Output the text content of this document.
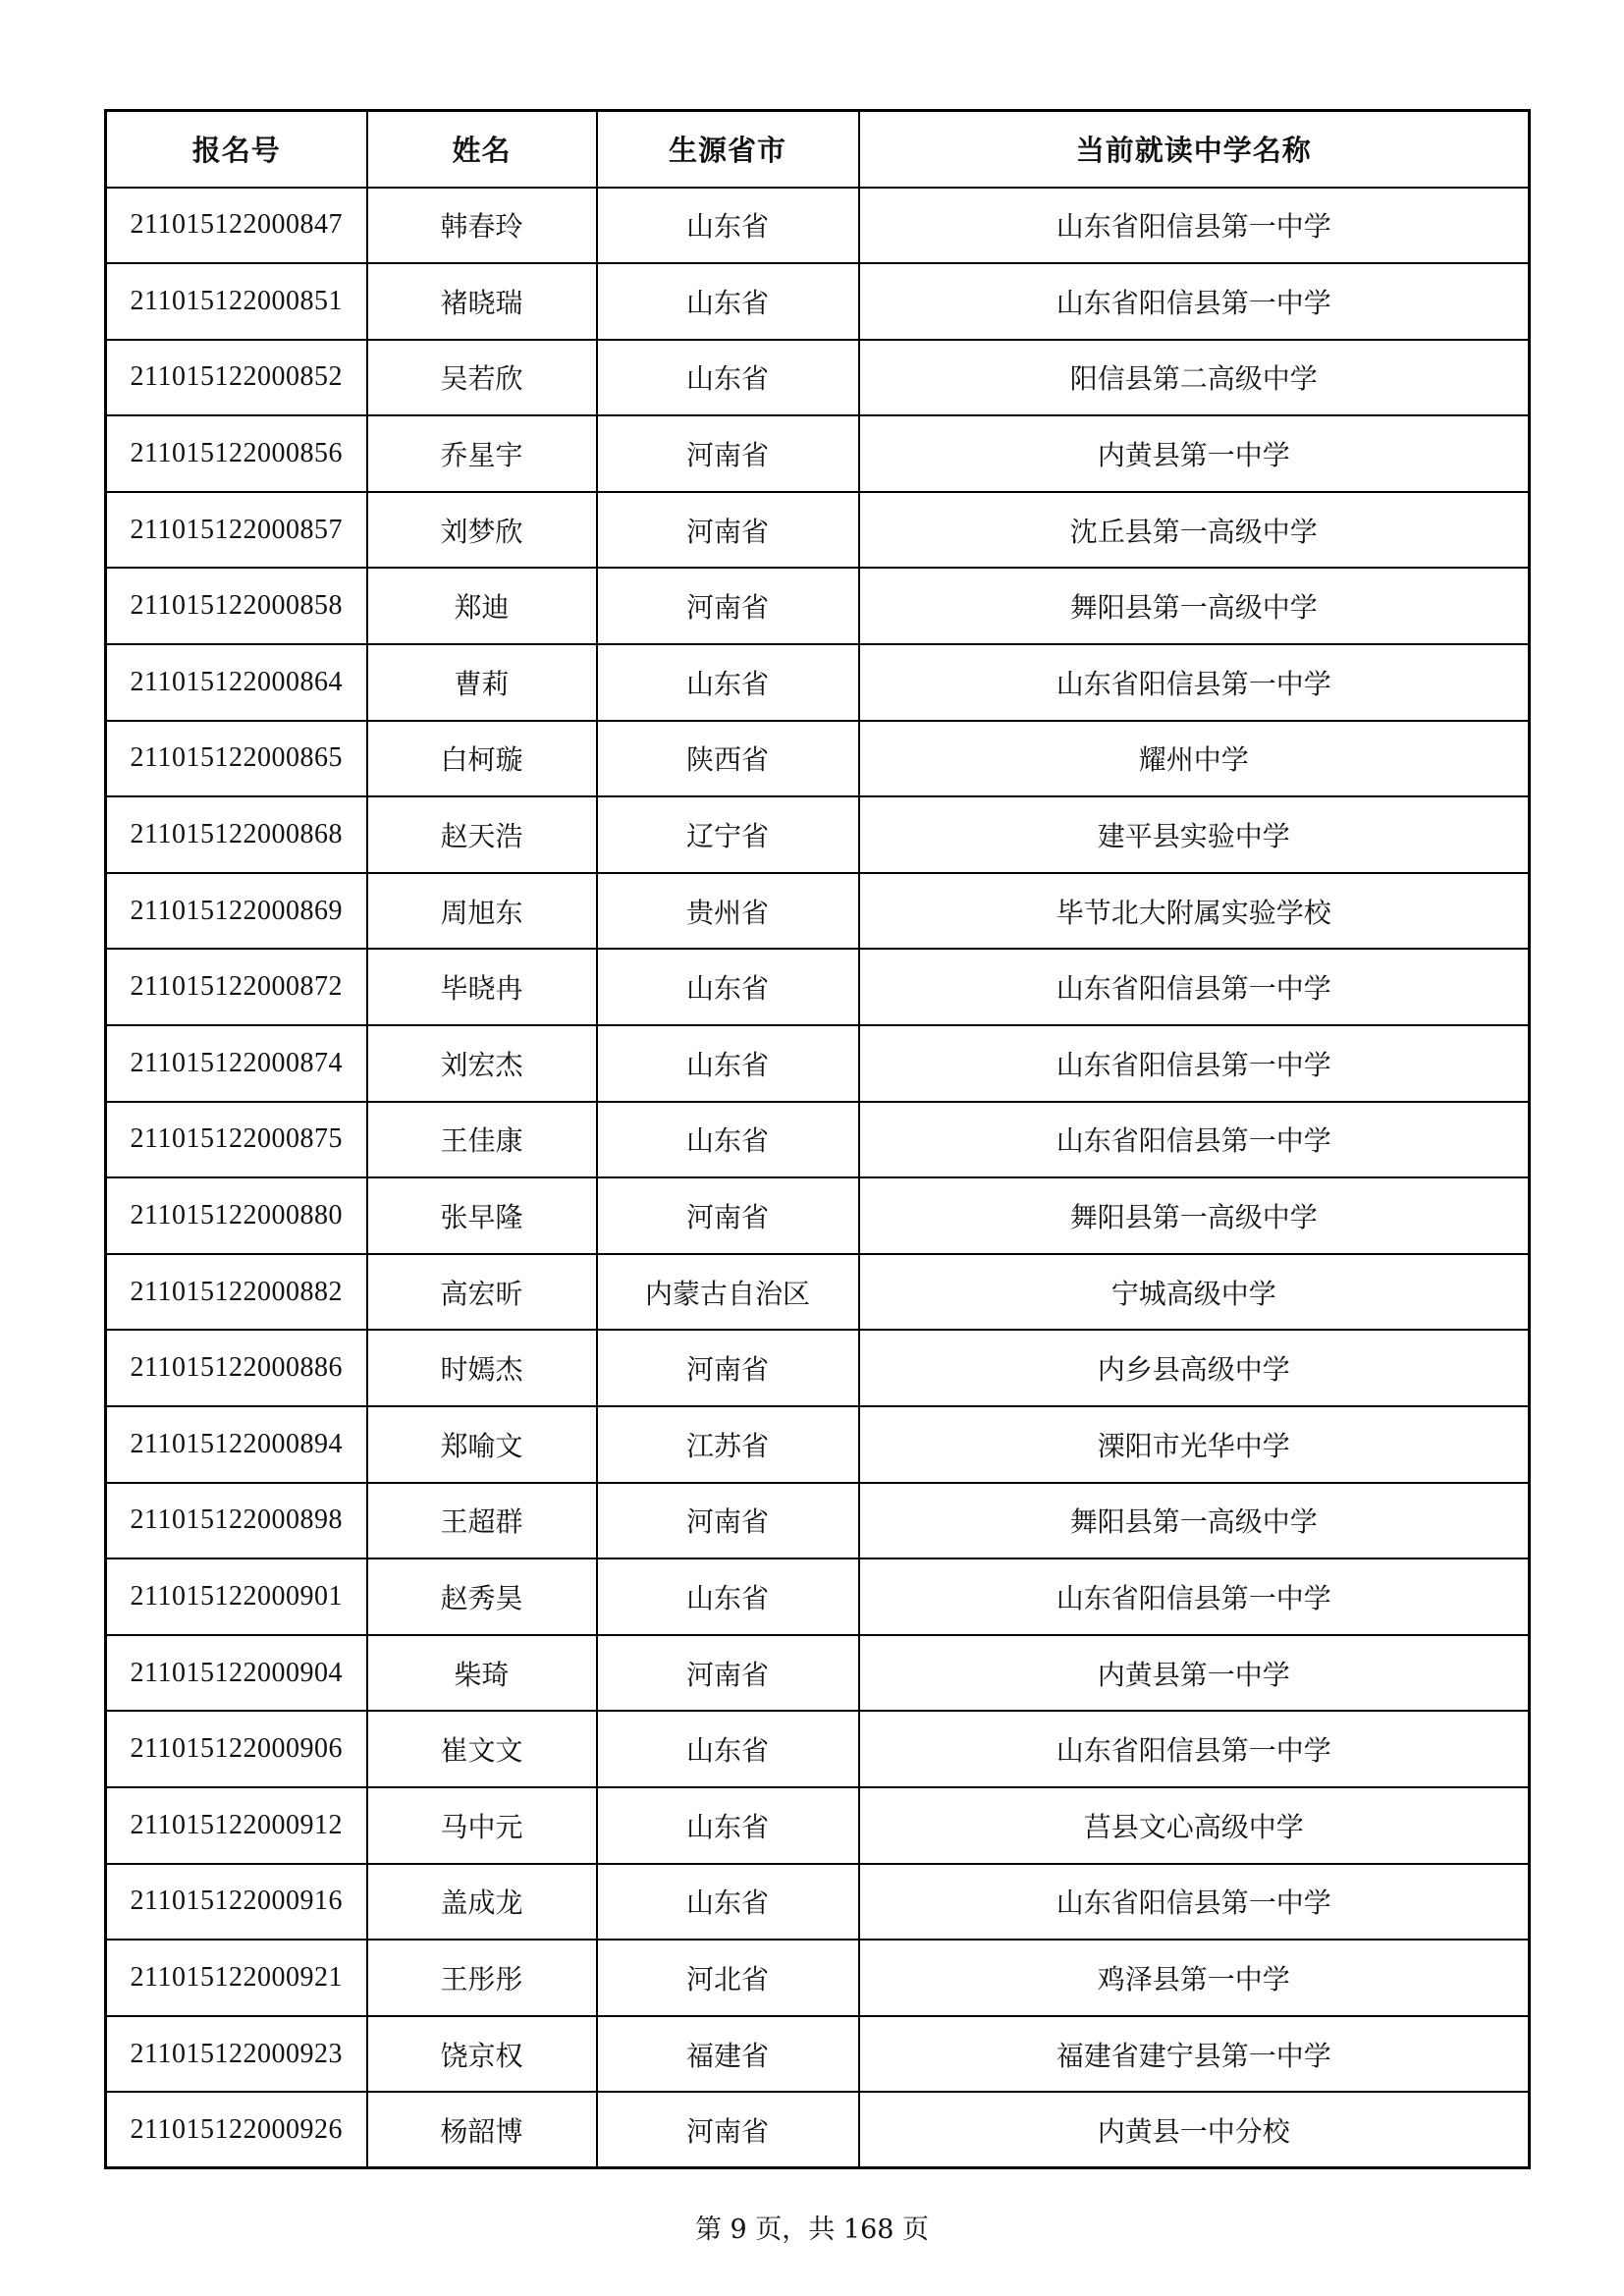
报名号	姓名	生源省市	当前就读中学名称
211015122000847	韩春玲	山东省	山东省阳信县第一中学
211015122000851	褚晓瑞	山东省	山东省阳信县第一中学
211015122000852	吴若欣	山东省	阳信县第二高级中学
211015122000856	乔星宇	河南省	内黄县第一中学
211015122000857	刘梦欣	河南省	沈丘县第一高级中学
211015122000858	郑迪	河南省	舞阳县第一高级中学
211015122000864	曹莉	山东省	山东省阳信县第一中学
211015122000865	白柯璇	陕西省	耀州中学
211015122000868	赵天浩	辽宁省	建平县实验中学
211015122000869	周旭东	贵州省	毕节北大附属实验学校
211015122000872	毕晓冉	山东省	山东省阳信县第一中学
211015122000874	刘宏杰	山东省	山东省阳信县第一中学
211015122000875	王佳康	山东省	山东省阳信县第一中学
211015122000880	张早隆	河南省	舞阳县第一高级中学
211015122000882	高宏昕	内蒙古自治区	宁城高级中学
211015122000886	时嫣杰	河南省	内乡县高级中学
211015122000894	郑喻文	江苏省	溧阳市光华中学
211015122000898	王超群	河南省	舞阳县第一高级中学
211015122000901	赵秀昊	山东省	山东省阳信县第一中学
211015122000904	柴琦	河南省	内黄县第一中学
211015122000906	崔文文	山东省	山东省阳信县第一中学
211015122000912	马中元	山东省	莒县文心高级中学
211015122000916	盖成龙	山东省	山东省阳信县第一中学
211015122000921	王彤彤	河北省	鸡泽县第一中学
211015122000923	饶京权	福建省	福建省建宁县第一中学
211015122000926	杨韶博	河南省	内黄县一中分校
第 9 页，共 168 页
